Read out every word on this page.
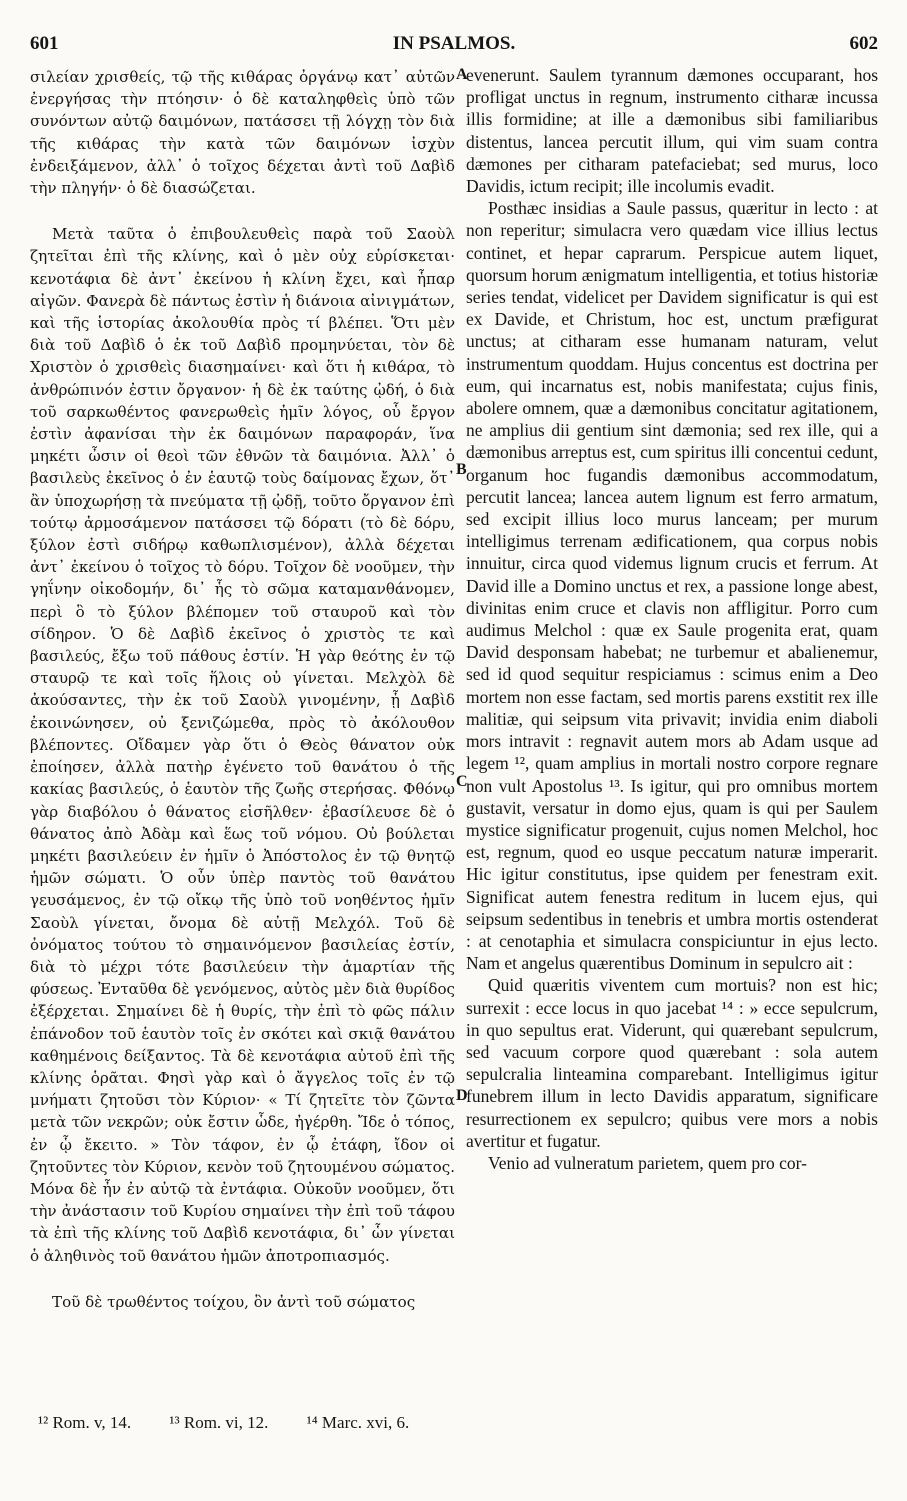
601	IN PSALMOS.	602

σιλείαν χρισθείς, τῷ τῆς κιθάρας ὀργάνῳ κατ᾽ αὐτῶν ἐνεργήσας τὴν πτόησιν· ὁ δὲ καταληφθεὶς ὑπὸ τῶν συνόντων αὐτῷ δαιμόνων, πατάσσει τῇ λόγχῃ τὸν διὰ τῆς κιθάρας τὴν κατὰ τῶν δαιμόνων ἰσχὺν ἐνδειξάμενον, ἀλλ᾽ ὁ τοῖχος δέχεται ἀντὶ τοῦ Δαβὶδ τὴν πληγήν· ὁ δὲ διασώζεται.

Μετὰ ταῦτα ὁ ἐπιβουλευθεὶς παρὰ τοῦ Σαοὺλ ζητεῖται ἐπὶ τῆς κλίνης, καὶ ὁ μὲν οὐχ εὑρίσκεται· κενοτάφια δὲ ἀντ᾽ ἐκείνου ἡ κλίνη ἔχει, καὶ ἧπαρ αἰγῶν. Φανερὰ δὲ πάντως ἐστὶν ἡ διάνοια αἰνιγμάτων, καὶ τῆς ἱστορίας ἀκολουθία πρὸς τί βλέπει. Ὅτι μὲν διὰ τοῦ Δαβὶδ ὁ ἐκ τοῦ Δαβὶδ προμηνύεται, τὸν δὲ Χριστὸν ὁ χρισθεὶς διασημαίνει· καὶ ὅτι ἡ κιθάρα, τὸ ἀνθρώπινόν ἐστιν ὄργανον· ἡ δὲ ἐκ ταύτης ᾠδή, ὁ διὰ τοῦ σαρκωθέντος φανερωθεὶς ἡμῖν λόγος, οὗ ἔργον ἐστὶν ἀφανίσαι τὴν ἐκ δαιμόνων παραφοράν, ἵνα μηκέτι ὦσιν οἱ θεοὶ τῶν ἐθνῶν τὰ δαιμόνια. Ἀλλ᾽ ὁ βασιλεὺς ἐκεῖνος ὁ ἐν ἑαυτῷ τοὺς δαίμονας ἔχων, ὅτ᾽ ἂν ὑποχωρήσῃ τὰ πνεύματα τῇ ᾠδῇ, τοῦτο ὄργανον ἐπὶ τούτῳ ἁρμοσάμενον πατάσσει τῷ δόρατι (τὸ δὲ δόρυ, ξύλον ἐστὶ σιδήρῳ καθωπλισμένον), ἀλλὰ δέχεται ἀντ᾽ ἐκείνου ὁ τοῖχος τὸ δόρυ. Τοῖχον δὲ νοοῦμεν, τὴν γηΐνην οἰκοδομήν, δι᾽ ἧς τὸ σῶμα καταμανθάνομεν, περὶ ὃ τὸ ξύλον βλέπομεν τοῦ σταυροῦ καὶ τὸν σίδηρον. Ὁ δὲ Δαβὶδ ἐκεῖνος ὁ χριστὸς τε καὶ βασιλεύς, ἔξω τοῦ πάθους ἐστίν. Ἡ γὰρ θεότης ἐν τῷ σταυρῷ τε καὶ τοῖς ἥλοις οὐ γίνεται. Μελχὸλ δὲ ἀκούσαντες, τὴν ἐκ τοῦ Σαοὺλ γινομένην, ᾗ Δαβὶδ ἐκοινώνησεν, οὐ ξενιζώμεθα, πρὸς τὸ ἀκόλουθον βλέποντες. Οἴδαμεν γὰρ ὅτι ὁ Θεὸς θάνατον οὐκ ἐποίησεν, ἀλλὰ πατὴρ ἐγένετο τοῦ θανάτου ὁ τῆς κακίας βασιλεύς, ὁ ἑαυτὸν τῆς ζωῆς στερήσας. Φθόνῳ γὰρ διαβόλου ὁ θάνατος εἰσῆλθεν· ἐβασίλευσε δὲ ὁ θάνατος ἀπὸ Ἀδὰμ καὶ ἕως τοῦ νόμου. Οὐ βούλεται μηκέτι βασιλεύειν ἐν ἡμῖν ὁ Ἀπόστολος ἐν τῷ θνητῷ ἡμῶν σώματι. Ὁ οὖν ὑπὲρ παντὸς τοῦ θανάτου γευσάμενος, ἐν τῷ οἴκῳ τῆς ὑπὸ τοῦ νοηθέντος ἡμῖν Σαοὺλ γίνεται, ὄνομα δὲ αὐτῇ Μελχόλ. Τοῦ δὲ ὀνόματος τούτου τὸ σημαινόμενον βασιλείας ἐστίν, διὰ τὸ μέχρι τότε βασιλεύειν τὴν ἁμαρτίαν τῆς φύσεως. Ἐνταῦθα δὲ γενόμενος, αὐτὸς μὲν διὰ θυρίδος ἐξέρχεται. Σημαίνει δὲ ἡ θυρίς, τὴν ἐπὶ τὸ φῶς πάλιν ἐπάνοδον τοῦ ἑαυτὸν τοῖς ἐν σκότει καὶ σκιᾷ θανάτου καθημένοις δείξαντος. Τὰ δὲ κενοτάφια αὐτοῦ ἐπὶ τῆς κλίνης ὁρᾶται. Φησὶ γὰρ καὶ ὁ ἄγγελος τοῖς ἐν τῷ μνήματι ζητοῦσι τὸν Κύριον· « Τί ζητεῖτε τὸν ζῶντα μετὰ τῶν νεκρῶν; οὐκ ἔστιν ὧδε, ἠγέρθη. Ἴδε ὁ τόπος, ἐν ᾧ ἔκειτο. » Τὸν τάφον, ἐν ᾧ ἐτάφη, ἴδον οἱ ζητοῦντες τὸν Κύριον, κενὸν τοῦ ζητουμένου σώματος. Μόνα δὲ ἦν ἐν αὐτῷ τὰ ἐντάφια. Οὐκοῦν νοοῦμεν, ὅτι τὴν ἀνάστασιν τοῦ Κυρίου σημαίνει τὴν ἐπὶ τοῦ τάφου τὰ ἐπὶ τῆς κλίνης τοῦ Δαβὶδ κενοτάφια, δι᾽ ὧν γίνεται ὁ ἀληθινὸς τοῦ θανάτου ἡμῶν ἀποτροπιασμός.

Τοῦ δὲ τρωθέντος τοίχου, ὃν ἀντὶ τοῦ σώματος

evenerunt. Saulem tyrannum dæmones occuparant, hos profligat unctus in regnum, instrumento citharæ incussa illis formidine; at ille a dæmonibus sibi familiaribus distentus, lancea percutit illum, qui vim suam contra dæmones per citharam patefaciebat; sed murus, loco Davidis, ictum recipit; ille incolumis evadit.

Posthæc insidias a Saule passus, quæritur in lecto : at non reperitur; simulacra vero quædam vice illius lectus continet, et hepar caprarum. Perspicue autem liquet, quorsum horum ænigmatum intelligentia, et totius historiæ series tendat, videlicet per Davidem significatur is qui est ex Davide, et Christum, hoc est, unctum præfigurat unctus; at citharam esse humanam naturam, velut instrumentum quoddam. Hujus concentus est doctrina per eum, qui incarnatus est, nobis manifestata; cujus finis, abolere omnem, quæ a dæmonibus concitatur agitationem, ne amplius dii gentium sint dæmonia; sed rex ille, qui a dæmonibus arreptus est, cum spiritus illi concentui cedunt, organum hoc fugandis dæmonibus accommodatum, percutit lancea; lancea autem lignum est ferro armatum, sed excipit illius loco murus lanceam; per murum intelligimus terrenam ædificationem, qua corpus nobis innuitur, circa quod videmus lignum crucis et ferrum. At David ille a Domino unctus et rex, a passione longe abest, divinitas enim cruce et clavis non affligitur. Porro cum audimus Melchol : quæ ex Saule progenita erat, quam David desponsam habebat; ne turbemur et abalienemur, sed id quod sequitur respiciamus : scimus enim a Deo mortem non esse factam, sed mortis parens exstitit rex ille malitiæ, qui seipsum vita privavit; invidia enim diaboli mors intravit : regnavit autem mors ab Adam usque ad legem ¹², quam amplius in mortali nostro corpore regnare non vult Apostolus ¹³. Is igitur, qui pro omnibus mortem gustavit, versatur in domo ejus, quam is qui per Saulem mystice significatur progenuit, cujus nomen Melchol, hoc est, regnum, quod eo usque peccatum naturæ imperarit. Hic igitur constitutus, ipse quidem per fenestram exit. Significat autem fenestra reditum in lucem ejus, qui seipsum sedentibus in tenebris et umbra mortis ostenderat : at cenotaphia et simulacra conspiciuntur in ejus lecto. Nam et angelus quærentibus Dominum in sepulcro ait :

Quid quæritis viventem cum mortuis? non est hic; surrexit : ecce locus in quo jacebat ¹⁴ : » ecce sepulcrum, in quo sepultus erat. Viderunt, qui quærebant sepulcrum, sed vacuum corpore quod quærebant : sola autem sepulcralia linteamina comparebant. Intelligimus igitur funebrem illum in lecto Davidis apparatum, significare resurrectionem ex sepulcro; quibus vere mors a nobis avertitur et fugatur.

Venio ad vulneratum parietem, quem pro cor-

A
B
C
D
¹² Rom. v, 14. ¹³ Rom. vi, 12. ¹⁴ Marc. xvi, 6.
